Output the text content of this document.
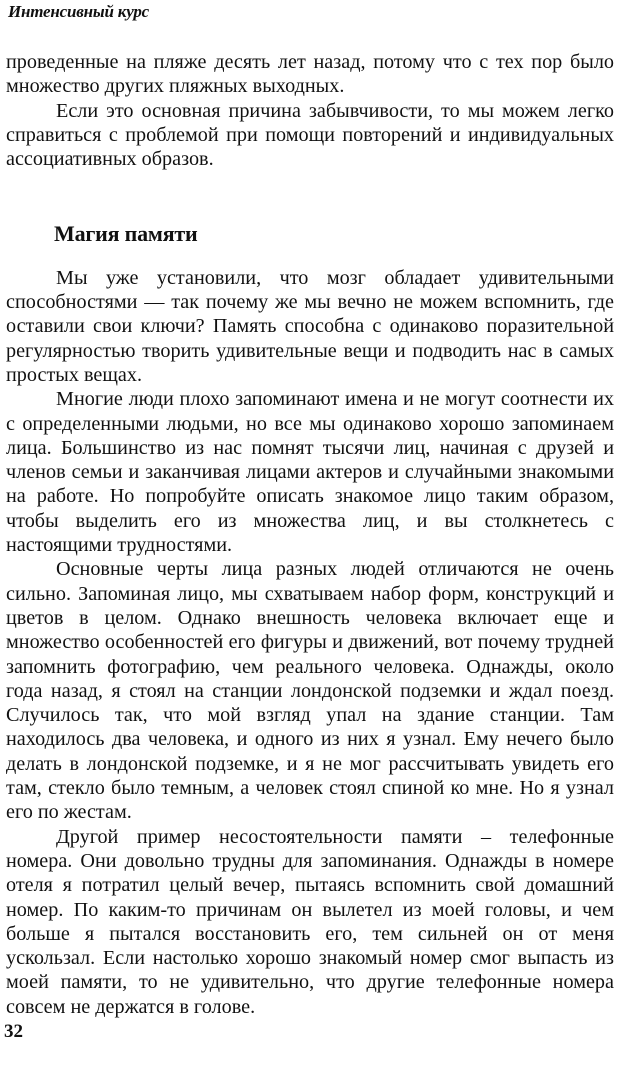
Интенсивный курс

проведенные на пляже десять лет назад, потому что с тех пор было множество других пляжных выходных.

Если это основная причина забывчивости, то мы можем легко справиться с проблемой при помощи повторений и индивидуальных ассоциативных образов.

Магия памяти

Мы уже установили, что мозг обладает удивительными способностями — так почему же мы вечно не можем вспомнить, где оставили свои ключи? Память способна с одинаково поразительной регулярностью творить удивительные вещи и подводить нас в самых простых вещах.

Многие люди плохо запоминают имена и не могут соотнести их с определенными людьми, но все мы одинаково хорошо запоминаем лица. Большинство из нас помнят тысячи лиц, начиная с друзей и членов семьи и заканчивая лицами актеров и случайными знакомыми на работе. Но попробуйте описать знакомое лицо таким образом, чтобы выделить его из множества лиц, и вы столкнетесь с настоящими трудностями.

Основные черты лица разных людей отличаются не очень сильно. Запоминая лицо, мы схватываем набор форм, конструкций и цветов в целом. Однако внешность человека включает еще и множество особенностей его фигуры и движений, вот почему трудней запомнить фотографию, чем реального человека. Однажды, около года назад, я стоял на станции лондонской подземки и ждал поезд. Случилось так, что мой взгляд упал на здание станции. Там находилось два человека, и одного из них я узнал. Ему нечего было делать в лондонской подземке, и я не мог рассчитывать увидеть его там, стекло было темным, а человек стоял спиной ко мне. Но я узнал его по жестам.

Другой пример несостоятельности памяти – телефонные номера. Они довольно трудны для запоминания. Однажды в номере отеля я потратил целый вечер, пытаясь вспомнить свой домашний номер. По каким-то причинам он вылетел из моей головы, и чем больше я пытался восстановить его, тем сильней он от меня ускользал. Если настолько хорошо знакомый номер смог выпасть из моей памяти, то не удивительно, что другие телефонные номера совсем не держатся в голове.

32
